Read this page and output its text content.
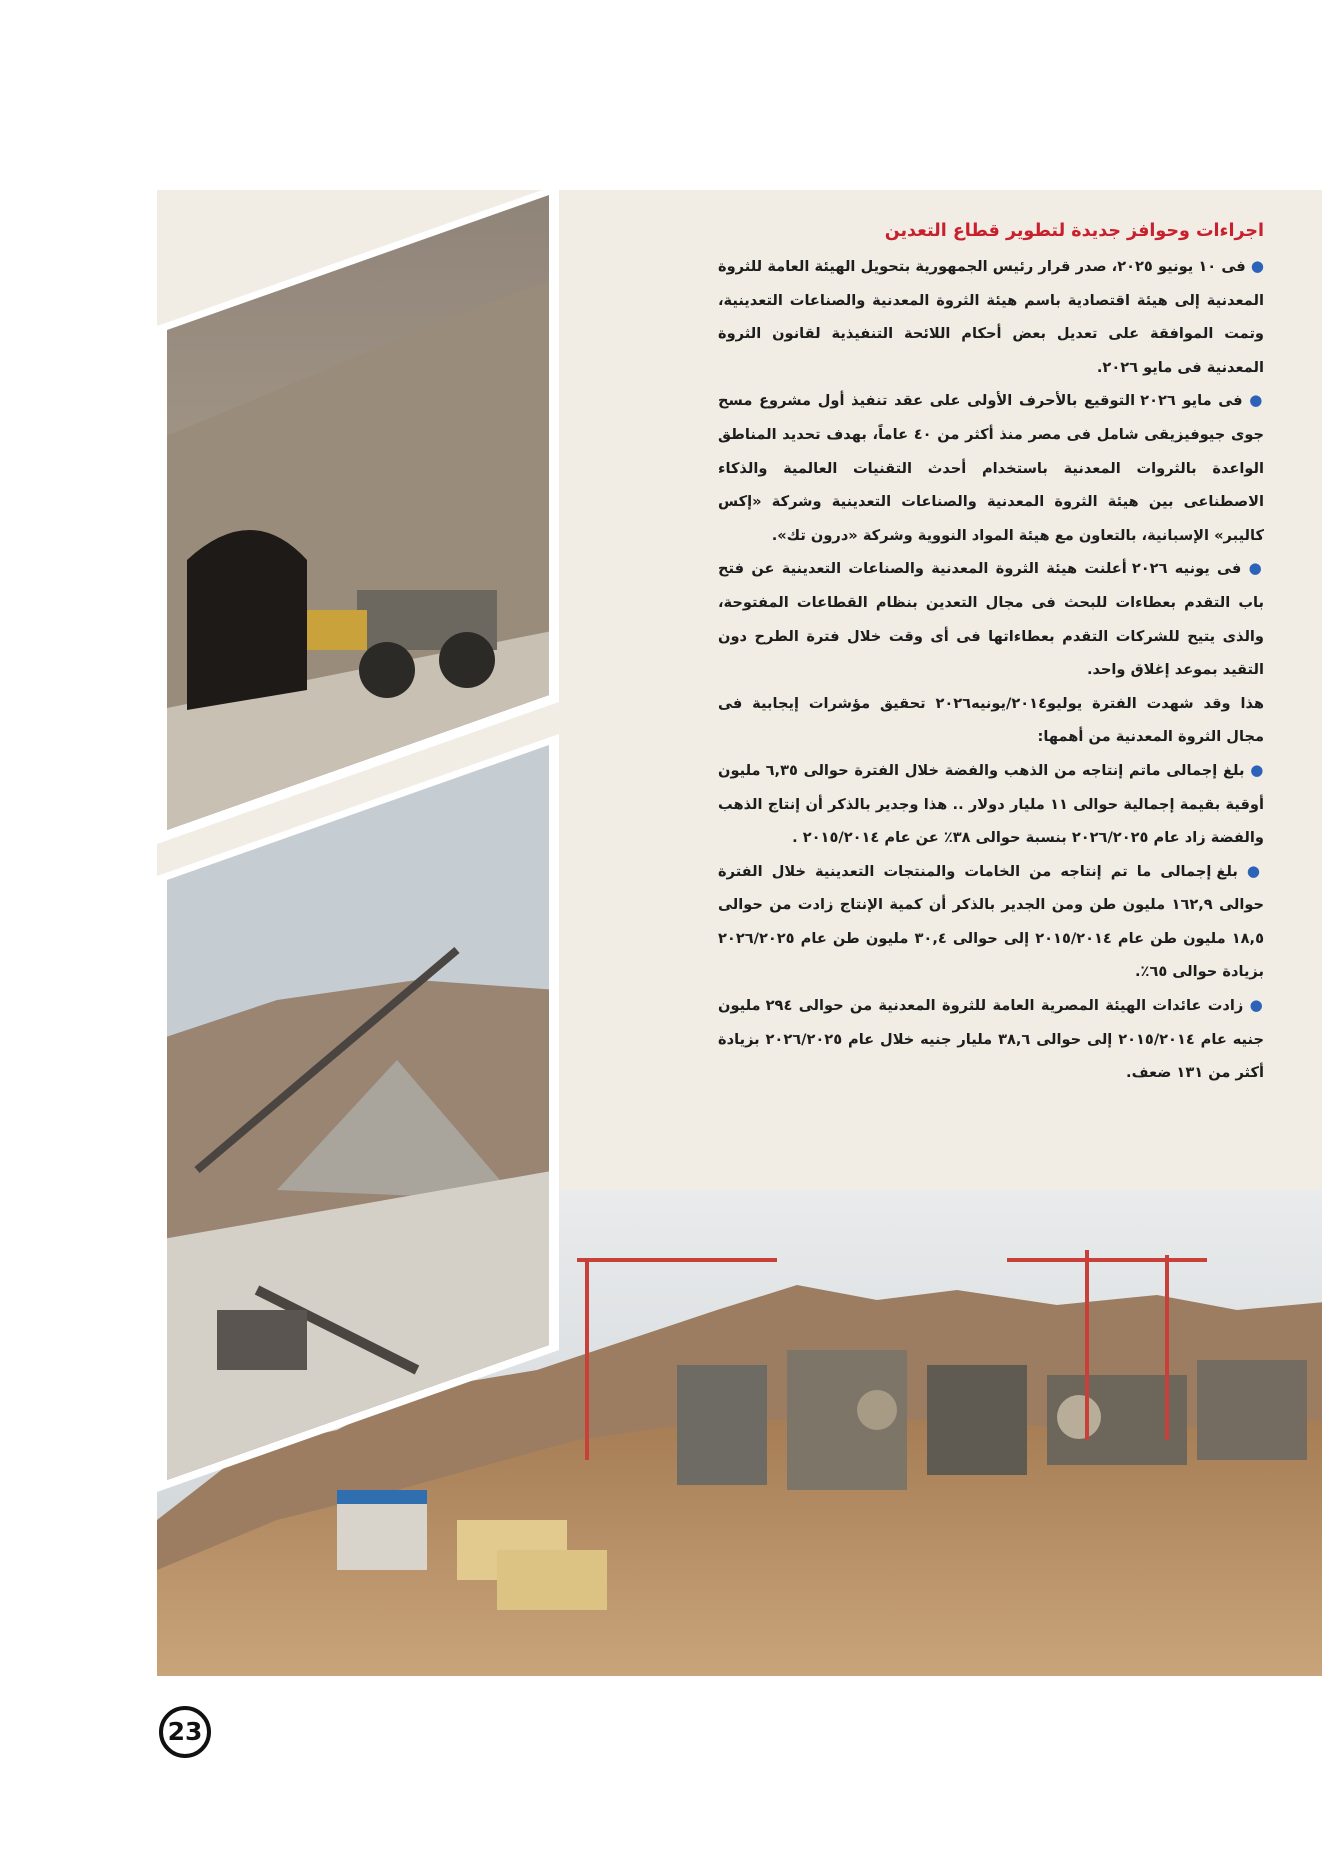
اجراءات وحوافز جديدة لتطوير قطاع التعدين

● فى ١٠ يونيو ٢٠٢٥، صدر قرار رئيس الجمهورية بتحويل الهيئة العامة للثروة المعدنية إلى هيئة اقتصادية باسم هيئة الثروة المعدنية والصناعات التعدينية، وتمت الموافقة على تعديل بعض أحكام اللائحة التنفيذية لقانون الثروة المعدنية فى مايو ٢٠٢٦.

● فى مايو ٢٠٢٦ التوقيع بالأحرف الأولى على عقد تنفيذ أول مشروع مسح جوى جيوفيزيقى شامل فى مصر منذ أكثر من ٤٠ عاماً، بهدف تحديد المناطق الواعدة بالثروات المعدنية باستخدام أحدث التقنيات العالمية والذكاء الاصطناعى بين هيئة الثروة المعدنية والصناعات التعدينية وشركة «إكس كاليبر» الإسبانية، بالتعاون مع هيئة المواد النووية وشركة «درون تك».

● فى يونيه ٢٠٢٦ أعلنت هيئة الثروة المعدنية والصناعات التعدينية عن فتح باب التقدم بعطاءات للبحث فى مجال التعدين بنظام القطاعات المفتوحة، والذى يتيح للشركات التقدم بعطاءاتها فى أى وقت خلال فترة الطرح دون التقيد بموعد إغلاق واحد.

هذا وقد شهدت الفترة يوليو٢٠١٤/يونيه٢٠٢٦ تحقيق مؤشرات إيجابية فى مجال الثروة المعدنية من أهمها:

● بلغ إجمالى ماتم إنتاجه من الذهب والفضة خلال الفترة حوالى ٦,٣٥ مليون أوقية بقيمة إجمالية حوالى ١١ مليار دولار .. هذا وجدير بالذكر أن إنتاج الذهب والفضة زاد عام ٢٠٢٦/٢٠٢٥ بنسبة حوالى ٣٨٪ عن عام ٢٠١٥/٢٠١٤ .

● بلغ إجمالى ما تم إنتاجه من الخامات والمنتجات التعدينية خلال الفترة حوالى ١٦٢,٩ مليون طن ومن الجدير بالذكر أن كمية الإنتاج زادت من حوالى ١٨,٥ مليون طن عام ٢٠١٥/٢٠١٤ إلى حوالى ٣٠,٤ مليون طن عام ٢٠٢٦/٢٠٢٥ بزيادة حوالى ٦٥٪.

● زادت عائدات الهيئة المصرية العامة للثروة المعدنية من حوالى ٢٩٤ مليون جنيه عام ٢٠١٥/٢٠١٤ إلى حوالى ٣٨,٦ مليار جنيه خلال عام ٢٠٢٦/٢٠٢٥ بزيادة أكثر من ١٣١ ضعف.

23
